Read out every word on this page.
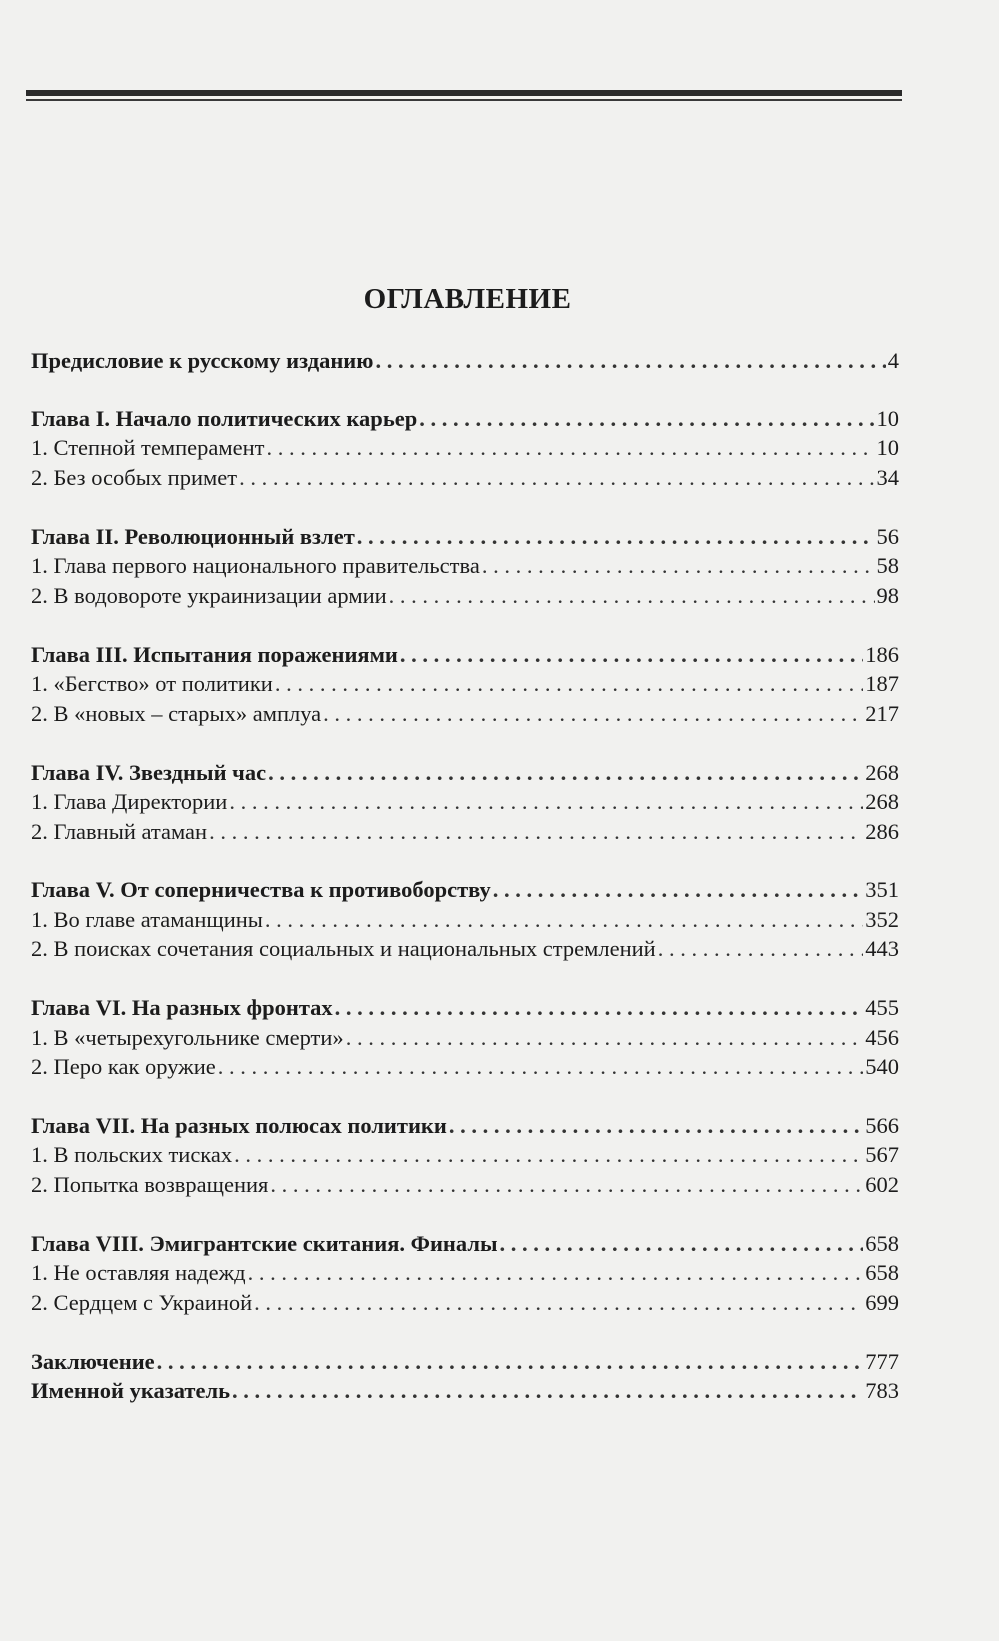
ОГЛАВЛЕНИЕ
Предисловие к русскому изданию . . .	4
Глава I. Начало политических карьер . . .	10
1. Степной темперамент . . .	10
2. Без особых примет . . .	34
Глава II. Революционный взлет . . .	56
1. Глава первого национального правительства . . .	58
2. В водовороте украинизации армии . . .	98
Глава III. Испытания поражениями . . .	186
1. «Бегство» от политики . . .	187
2. В «новых – старых» амплуа . . .	217
Глава IV. Звездный час . . .	268
1. Глава Директории . . .	268
2. Главный атаман . . .	286
Глава V. От соперничества к противоборству . . .	351
1. Во главе атаманщины . . .	352
2. В поисках сочетания социальных и национальных стремлений . . .	443
Глава VI. На разных фронтах . . .	455
1. В «четырехугольнике смерти» . . .	456
2. Перо как оружие . . .	540
Глава VII. На разных полюсах политики . . .	566
1. В польских тисках . . .	567
2. Попытка возвращения . . .	602
Глава VIII. Эмигрантские скитания. Финалы . . .	658
1. Не оставляя надежд . . .	658
2. Сердцем с Украиной . . .	699
Заключение . . .	777
Именной указатель . . .	783
